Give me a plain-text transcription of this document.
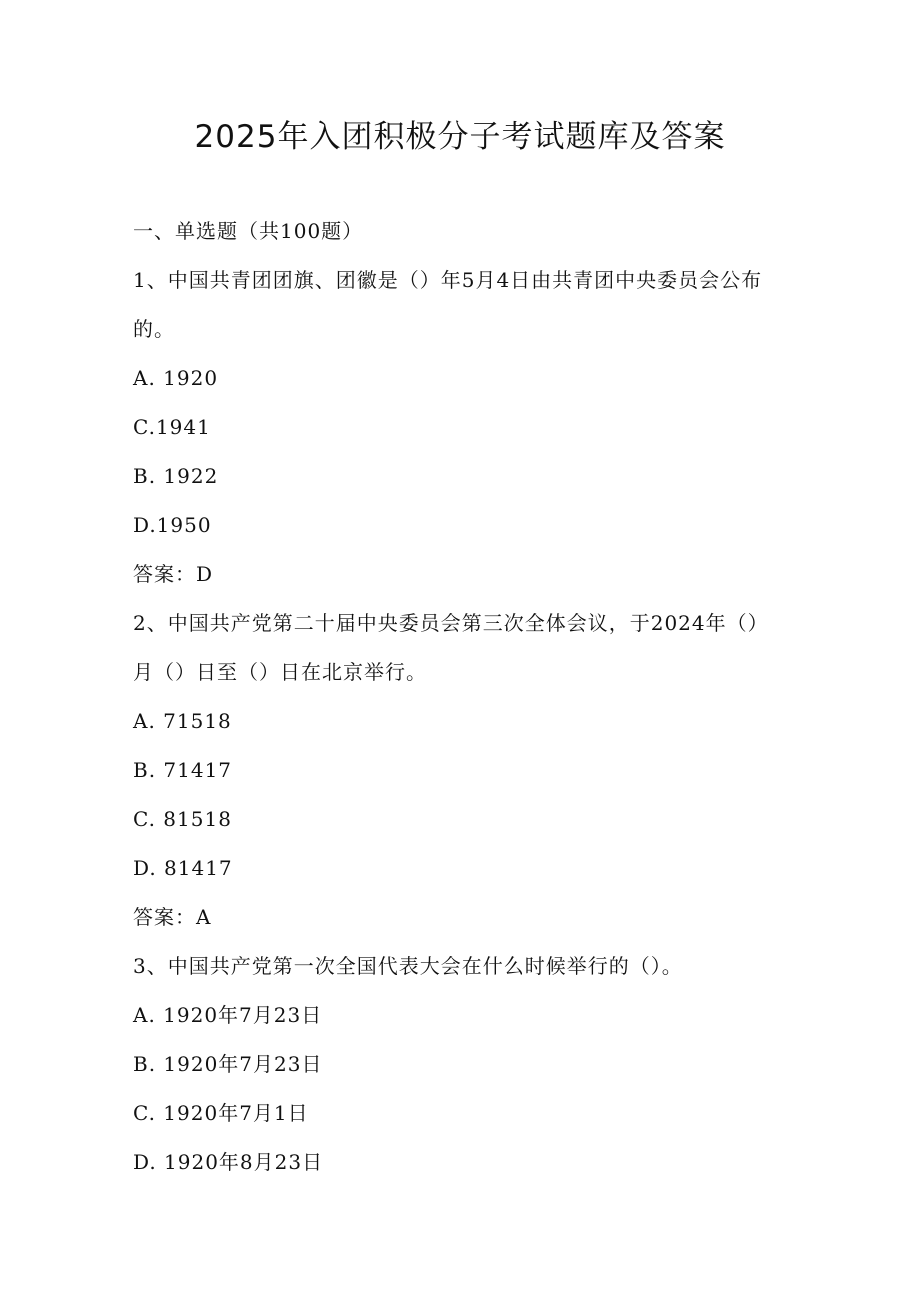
2025年入团积极分子考试题库及答案
一、单选题（共100题）
1、中国共青团团旗、团徽是（）年5月4日由共青团中央委员会公布的。
A. 1920
C.1941
B. 1922
D.1950
答案：D
2、中国共产党第二十届中央委员会第三次全体会议，于2024年（）月（）日至（）日在北京举行。
A. 71518
B. 71417
C. 81518
D. 81417
答案：A
3、中国共产党第一次全国代表大会在什么时候举行的（）。
A. 1920年7月23日
B. 1920年7月23日
C. 1920年7月1日
D. 1920年8月23日
